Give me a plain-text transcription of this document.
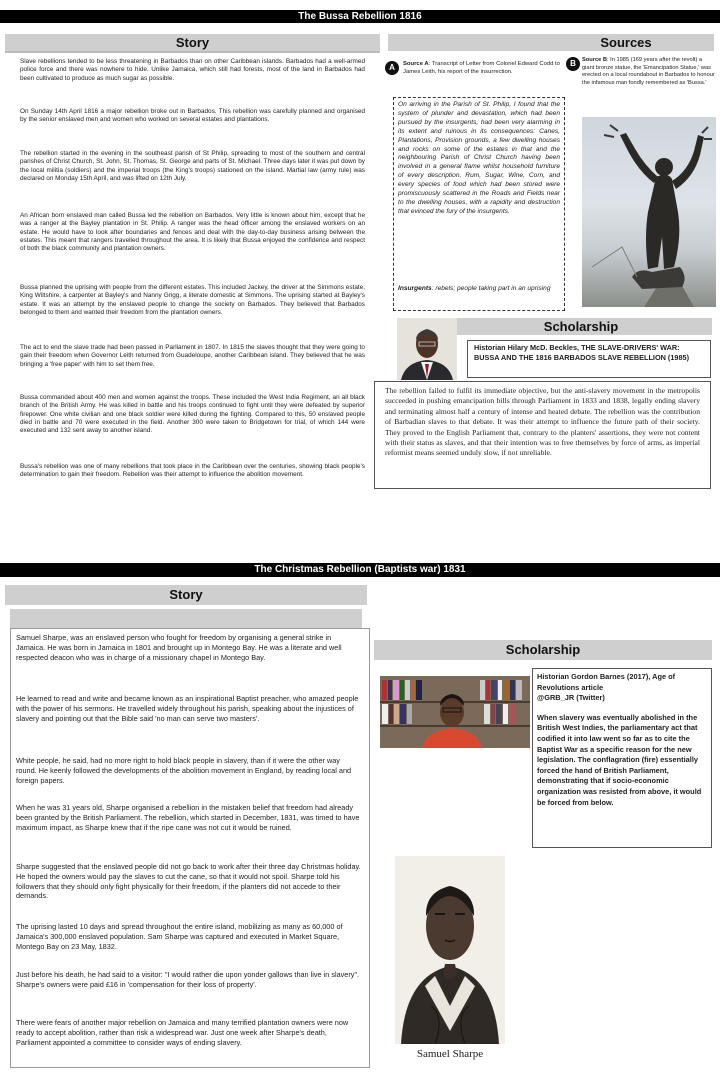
The Bussa Rebellion 1816
Story

Slave rebellions tended to be less threatening in Barbados than on other Caribbean islands. Barbados had a well-armed police force and there was nowhere to hide. Unlike Jamaica, which still had forests, most of the land in Barbados had been cultivated to produce as much sugar as possible.

On Sunday 14th April 1816 a major rebellion broke out in Barbados. This rebellion was carefully planned and organised by the senior enslaved men and women who worked on several estates and plantations.

The rebellion started in the evening in the southeast parish of St Philip, spreading to most of the southern and central parishes of Christ Church, St. John, St. Thomas, St. George and parts of St. Michael. Three days later it was put down by the local militia (soldiers) and the imperial troops (the King's troops) stationed on the island. Martial law (army rule) was declared on Monday 15th April, and was lifted on 12th July.

An African born enslaved man called Bussa led the rebellion on Barbados. Very little is known about him, except that he was a ranger at the Bayley plantation in St. Philip. A ranger was the head officer among the enslaved workers on an estate. He would have to look after boundaries and fences and deal with the day-to-day business arising between the estates. This meant that rangers travelled throughout the area. It is likely that Bussa enjoyed the confidence and respect of both the black community and plantation owners.

Bussa planned the uprising with people from the different estates. This included Jackey, the driver at the Simmons estate, King Wiltshire, a carpenter at Bayley's and Nanny Grigg, a literate domestic at Simmons. The uprising started at Bayley's estate. It was an attempt by the enslaved people to change the society on Barbados. They believed that Barbados belonged to them and wanted their freedom from the plantation owners.

The act to end the slave trade had been passed in Parliament in 1807. In 1815 the slaves thought that they were going to gain their freedom when Governor Leith returned from Guadeloupe, another Caribbean island. They believed that he was bringing a 'free paper' with him to set them free.

Bussa commanded about 400 men and women against the troops. These included the West India Regiment, an all black branch of the British Army. He was killed in battle and his troops continued to fight until they were defeated by superior firepower. One white civilian and one black soldier were killed during the fighting. Compared to this, 50 enslaved people died in battle and 70 were executed in the field. Another 300 were taken to Bridgetown for trial, of which 144 were executed and 132 sent away to another island.

Bussa's rebellion was one of many rebellions that took place in the Caribbean over the centuries, showing black people's determination to gain their freedom. Rebellion was their attempt to influence the abolition movement.

Sources
A	Source A: Transcript of Letter from Colonel Edward Codd to James Leith, his report of the insurrection.

On arriving in the Parish of St. Philip, I found that the system of plunder and devastation, which had been pursued by the insurgents, had been very alarming in its extent and ruinous in its consequences: Canes, Plantations, Provision grounds, a few dwelling houses and rocks on some of the estates in that and the neighbouring Parish of Christ Church having been involved in a general flame whilst household furniture of every description, Rum, Sugar, Wine, Corn, and every species of food which had been stored were promiscuously scattered in the Roads and Fields near to the dwelling houses, with a rapidity and destruction that evinced the fury of the insurgents.

Insurgents: rebels; people taking part in an uprising

B	Source B: In 1985 (169 years after the revolt) a giant bronze statue, the 'Emancipation Statue,' was erected on a local roundabout in Barbados to honour the infamous man fondly remembered as 'Bussa.'
Scholarship
Historian Hilary McD. Beckles, THE SLAVE-DRIVERS' WAR: BUSSA AND THE 1816 BARBADOS SLAVE REBELLION (1985)
The rebellion failed to fulfil its immediate objective, but the anti-slavery movement in the metropolis succeeded in pushing emancipation bills through Parliament in 1833 and 1838, legally ending slavery and terminating almost half a century of intense and heated debate. The rebellion was the contribution of Barbadian slaves to that debate. It was their attempt to influence the future path of their society. They proved to the English Parliament that, contrary to the planters' assertions, they were not content with their status as slaves, and that their intention was to free themselves by force of arms, as imperial reformist means seemed unduly slow, if not unreliable.
The Christmas Rebellion (Baptists war) 1831
Story

Samuel Sharpe, was an enslaved person who fought for freedom by organising a general strike in Jamaica. He was born in Jamaica in 1801 and brought up in Montego Bay. He was a literate and well respected deacon who was in charge of a missionary chapel in Montego Bay.

He learned to read and write and became known as an inspirational Baptist preacher, who amazed people with the power of his sermons. He travelled widely throughout his parish, speaking about the injustices of slavery and pointing out that the Bible said 'no man can serve two masters'.

White people, he said, had no more right to hold black people in slavery, than if it were the other way round. He keenly followed the developments of the abolition movement in England, by reading local and foreign papers.

When he was 31 years old, Sharpe organised a rebellion in the mistaken belief that freedom had already been granted by the British Parliament. The rebellion, which started in December, 1831, was timed to have maximum impact, as Sharpe knew that if the ripe cane was not cut it would be ruined.

Sharpe suggested that the enslaved people did not go back to work after their three day Christmas holiday. He hoped the owners would pay the slaves to cut the cane, so that it would not spoil. Sharpe told his followers that they should only fight physically for their freedom, if the planters did not accede to their demands.

The uprising lasted 10 days and spread throughout the entire island, mobilizing as many as 60,000 of Jamaica's 300,000 enslaved population. Sam Sharpe was captured and executed in Market Square, Montego Bay on 23 May, 1832.

Just before his death, he had said to a visitor: "I would rather die upon yonder gallows than live in slavery". Sharpe's owners were paid £16 in 'compensation for their loss of property'.

There were fears of another major rebellion on Jamaica and many terrified plantation owners were now ready to accept abolition, rather than risk a widespread war. Just one week after Sharpe's death, Parliament appointed a committee to consider ways of ending slavery.

Scholarship
Historian Gordon Barnes (2017), Age of Revolutions article
@GRB_JR (Twitter)
When slavery was eventually abolished in the British West Indies, the parliamentary act that codified it into law went so far as to cite the Baptist War as a specific reason for the new legislation. The conflagration (fire) essentially forced the hand of British Parliament, demonstrating that if socio-economic organization was resisted from above, it would be forced from below.
Samuel Sharpe
